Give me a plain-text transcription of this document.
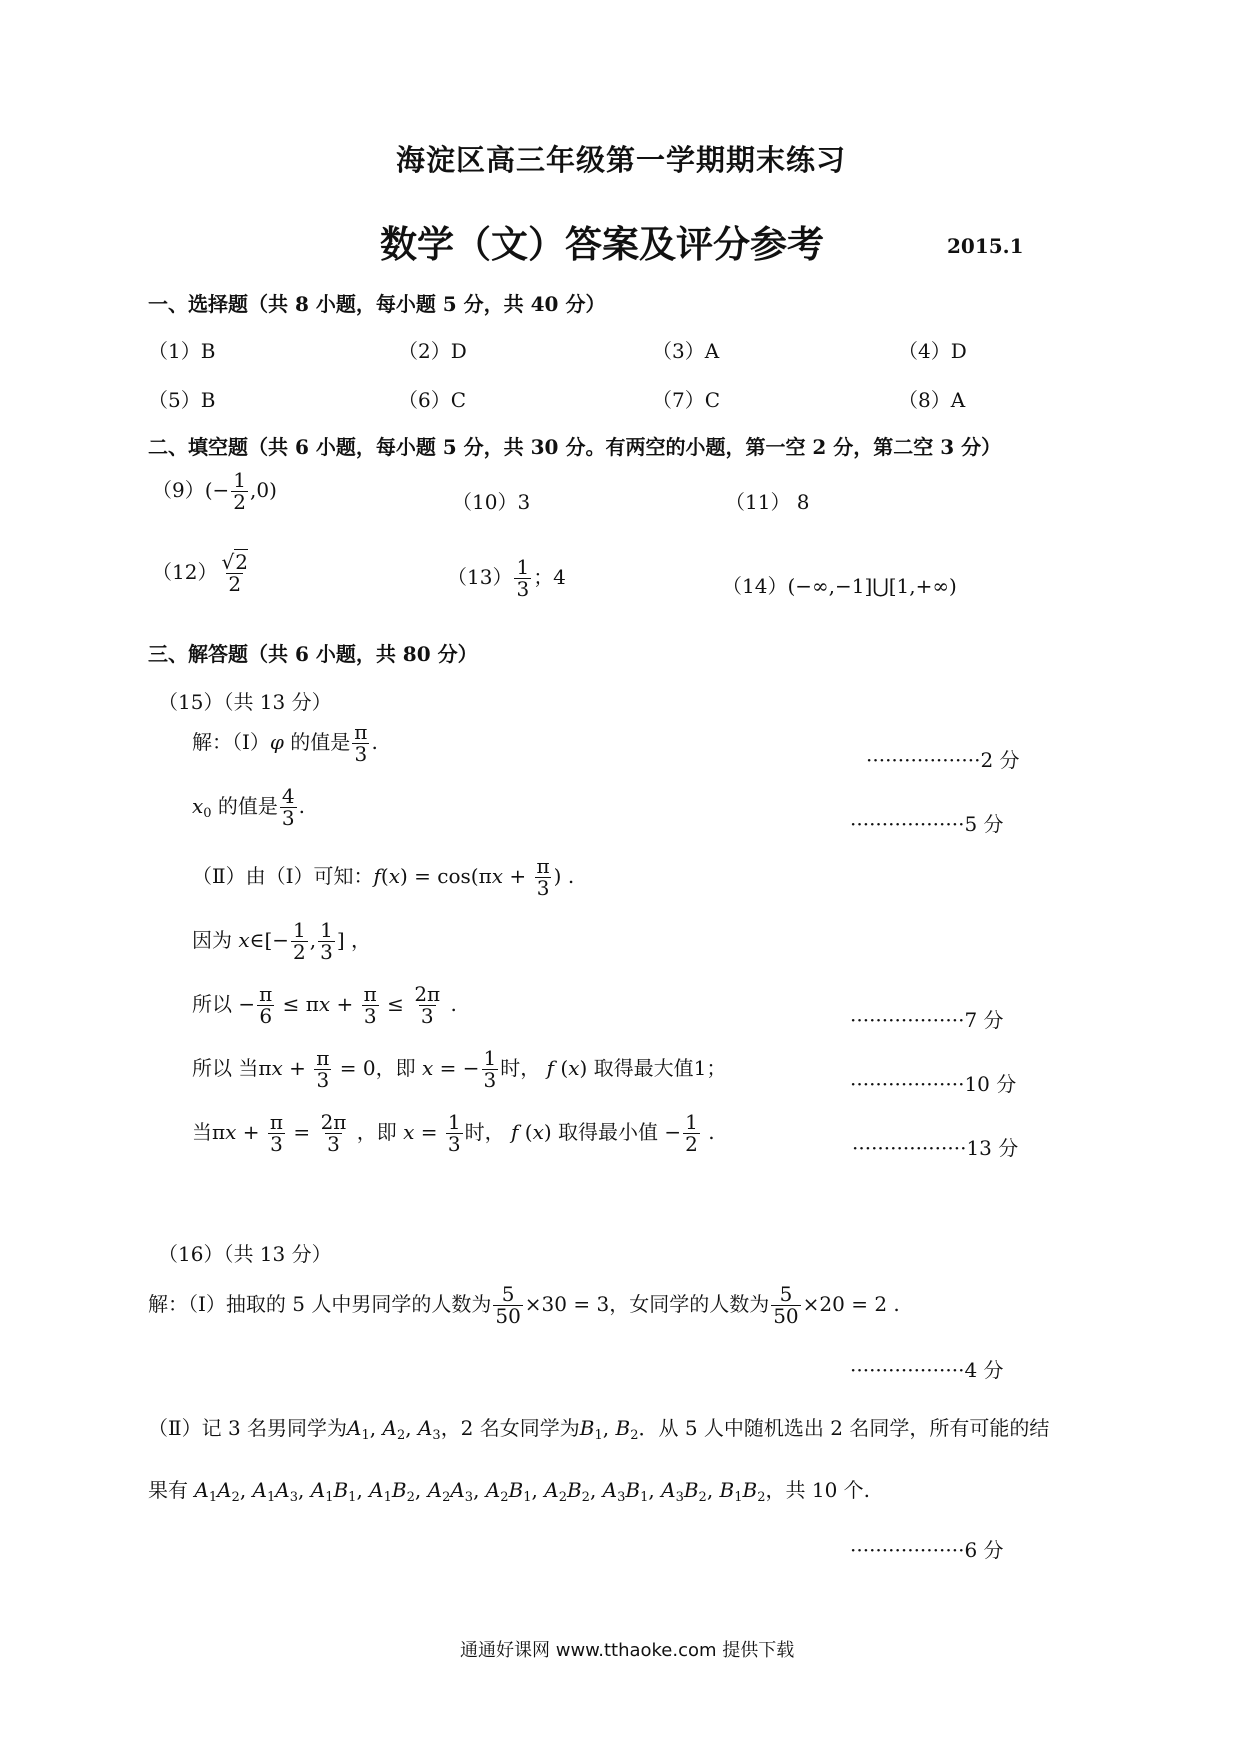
海淀区高三年级第一学期期末练习
数学（文）答案及评分参考	2015.1
一、选择题（共 8 小题，每小题 5 分，共 40 分）
（1）B	（2）D	（3）A	（4）D
（5）B	（6）C	（7）C	（8）A
二、填空题（共 6 小题，每小题 5 分，共 30 分。有两空的小题，第一空 2 分，第二空 3 分）
$(9)(- \frac{1}{2} ,0)$	（10）3	（11） 8
$(12) \frac{√2}{2}$	$(13) \frac{1}{3}$ ；4	（14）(−∞,−1]⋃[1,+∞)
三、解答题（共 6 小题，共 80 分）
（15）（共 13 分）
解：（Ⅰ）φ 的值是 $\frac{\pi}{3}$ .
··················2 分
$x_0$ 的值是 $\frac{4}{3}$ .
··················5 分
（Ⅱ）由（Ⅰ）可知：$f(x) = \cos(\pi x + \frac{\pi}{3}$ ) .
因为 x∈[− $\frac{1}{2}$ , $\frac{1}{3}$ ] ，
所以 − $\frac{\pi}{6} \le \pi x + \frac{\pi}{3} \le \frac{2\pi}{3}$ .
··················7 分
所以 当$\pi x + \frac{\pi}{3} = 0$，即 x = − $\frac{1}{3}$ 时， f (x) 取得最大值1；
··················10 分
当$\pi x + \frac{\pi}{3} = \frac{2\pi}{3}$ ，即 $x = \frac{1}{3}$ 时， f (x) 取得最小值 − $\frac{1}{2}$ .
··················13 分
（16）（共 13 分）
解：（Ⅰ）抽取的 5 人中男同学的人数为 $\frac{5}{50} \times 30 = 3$，女同学的人数为 $\frac{5}{50} \times 20 = 2$ .
··················4 分
（Ⅱ）记 3 名男同学为$A_1$, $A_2$, $A_3$，2 名女同学为$B_1$, $B_2$．从 5 人中随机选出 2 名同学，所有可能的结
果有 $A_1A_2$, $A_1A_3$, $A_1B_1$, $A_1B_2$, $A_2A_3$, $A_2B_1$, $A_2B_2$, $A_3B_1$, $A_3B_2$, $B_1B_2$，共 10 个.
··················6 分
通通好课网 www.tthaoke.com 提供下载
